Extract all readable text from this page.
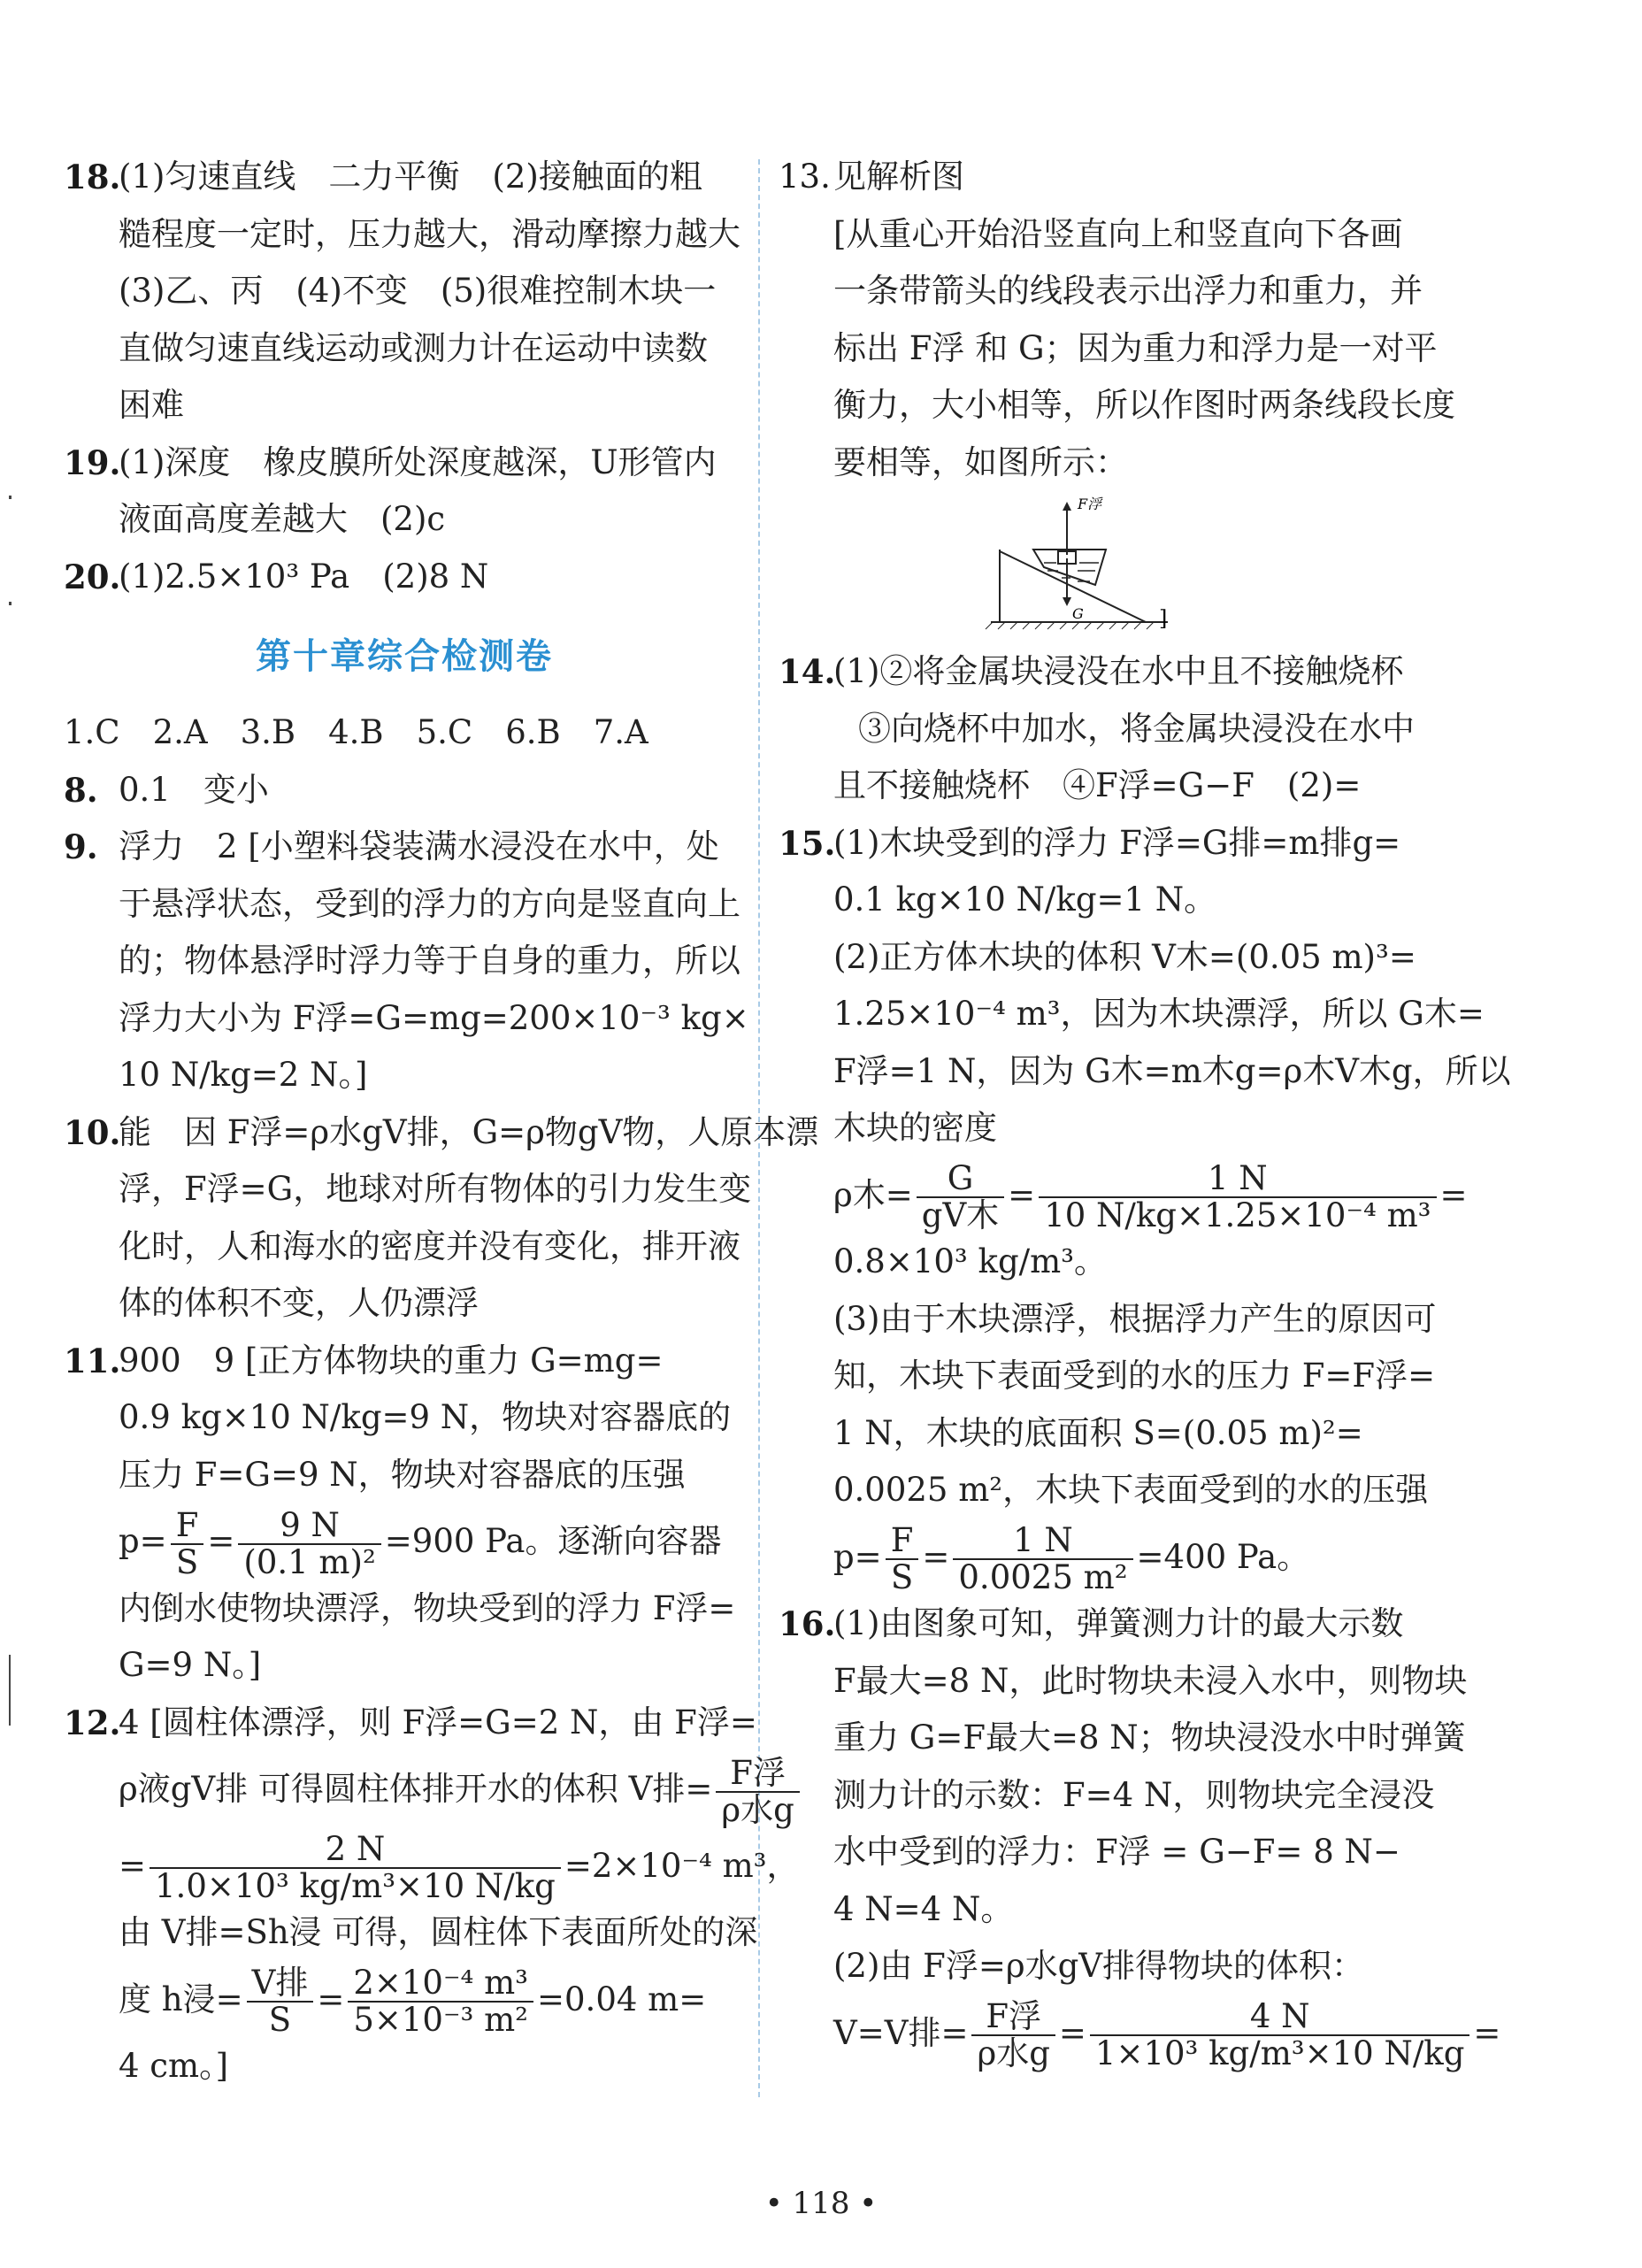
18.
(1)匀速直线　二力平衡　(2)接触面的粗
糙程度一定时，压力越大，滑动摩擦力越大
(3)乙、丙　(4)不变　(5)很难控制木块一
直做匀速直线运动或测力计在运动中读数
困难
19.
(1)深度　橡皮膜所处深度越深，U形管内
液面高度差越大　(2)c
20.
(1)2.5×10³ Pa　(2)8 N
第十章综合检测卷
1.C　2.A　3.B　4.B　5.C　6.B　7.A
8. 0.1　变小
9. 浮力　2 [小塑料袋装满水浸没在水中，处
于悬浮状态，受到的浮力的方向是竖直向上
的；物体悬浮时浮力等于自身的重力，所以
浮力大小为 F浮=G=mg=200×10⁻³ kg×
10 N/kg=2 N。]
10.
能　因 F浮=ρ水gV排，G=ρ物gV物，人原本漂
浮，F浮=G，地球对所有物体的引力发生变
化时，人和海水的密度并没有变化，排开液
体的体积不变，人仍漂浮
11.
900　9 [正方体物块的重力 G=mg=
0.9 kg×10 N/kg=9 N，物块对容器底的
压力 F=G=9 N，物块对容器底的压强
$p= \frac{F}{S} = \frac{9 N}{\text{(0.1 m)²}} =900$ Pa。逐渐向容器
内倒水使物块漂浮，物块受到的浮力 F浮=
G=9 N。]
12.
4 [圆柱体漂浮，则 F浮=G=2 N，由 F浮=
ρ液gV排 可得圆柱体排开水的体积 V排= $\frac{\text{F浮}}{\text{ρ水g}}$
= $\frac{2 N}{\text{1.0×10³ kg/m³×10 N/kg}} =2\times 10^{-4}$ m³，
由 V排=Sh浸 可得，圆柱体下表面所处的深
度 h浸= $\frac{\text{V排}}{S} = \frac{\text{2×10⁻⁴ m³}}{\text{5×10⁻³ m²}} =0.04$ m=
4 cm。]
13. 见解析图
[从重心开始沿竖直向上和竖直向下各画
一条带箭头的线段表示出浮力和重力，并
标出 F浮 和 G；因为重力和浮力是一对平
衡力，大小相等，所以作图时两条线段长度
要相等，如图所示：
F浮
G	]
14.
(1)②将金属块浸没在水中且不接触烧杯
③向烧杯中加水，将金属块浸没在水中
且不接触烧杯　④F浮=G−F　(2)=
15.
(1)木块受到的浮力 F浮=G排=m排g=
0.1 kg×10 N/kg=1 N。
(2)正方体木块的体积 V木=(0.05 m)³=
1.25×10⁻⁴ m³，因为木块漂浮，所以 G木=
F浮=1 N，因为 G木=m木g=ρ木V木g，所以
木块的密度
ρ木= $\frac{G}{\text{gV木}} = \frac{1 N}{\text{10 N/kg×1.25×10⁻⁴ m³}}$ =
0.8×10³ kg/m³。
(3)由于木块漂浮，根据浮力产生的原因可
知，木块下表面受到的水的压力 F=F浮=
1 N，木块的底面积 S=(0.05 m)²=
0.0025 m²，木块下表面受到的水的压强
$p= \frac{F}{S} = \frac{1 N}{\text{0.0025 m²}} =400$ Pa。
16.
(1)由图象可知，弹簧测力计的最大示数
F最大=8 N，此时物块未浸入水中，则物块
重力 G=F最大=8 N；物块浸没水中时弹簧
测力计的示数：F=4 N，则物块完全浸没
水中受到的浮力：F浮 = G−F= 8 N−
4 N=4 N。
(2)由 F浮=ρ水gV排得物块的体积：
V=V排= $\frac{\text{F浮}}{\text{ρ水g}} = \frac{4 N}{\text{1×10³ kg/m³×10 N/kg}}$ =
• 118 •
